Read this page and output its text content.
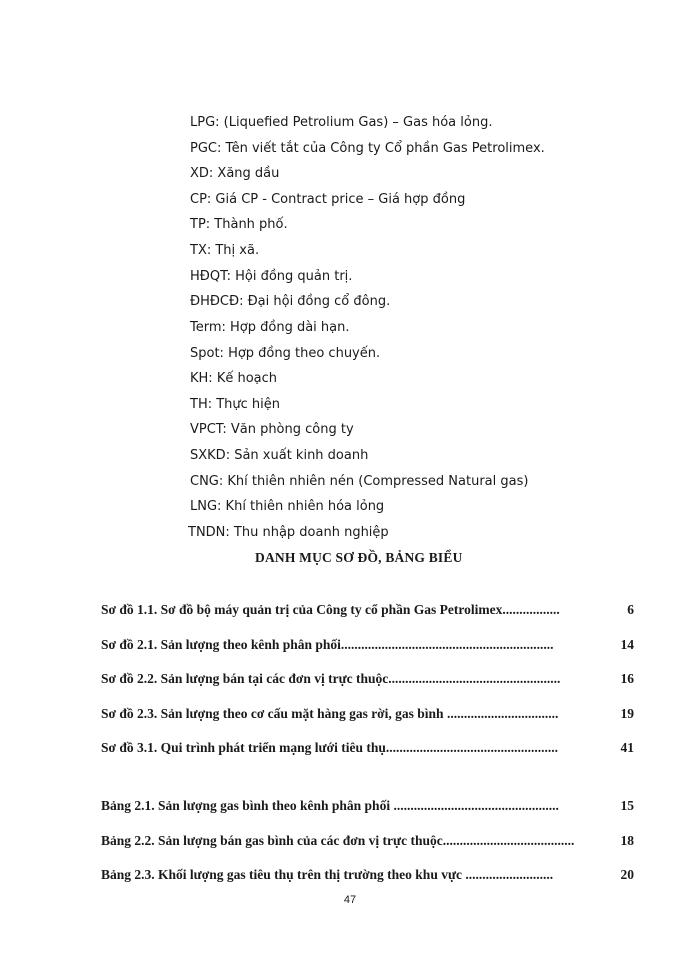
LPG: (Liquefied Petrolium Gas) – Gas hóa lỏng.
PGC: Tên viết tắt của Công ty Cổ phần Gas Petrolimex.
XD: Xăng dầu
CP: Giá CP - Contract price – Giá hợp đồng
TP: Thành phố.
TX: Thị xã.
HĐQT: Hội đồng quản trị.
ĐHĐCĐ: Đại hội đồng cổ đông.
Term: Hợp đồng dài hạn.
Spot: Hợp đồng theo chuyến.
KH: Kế hoạch
TH: Thực hiện
VPCT: Văn phòng công ty
SXKD: Sản xuất kinh doanh
CNG: Khí thiên nhiên nén (Compressed Natural gas)
LNG: Khí thiên nhiên hóa lỏng
TNDN: Thu nhập doanh nghiệp
DANH MỤC SƠ ĐỒ, BẢNG BIỂU
Sơ đồ 1.1. Sơ đồ bộ máy quản trị của Công ty cổ phần Gas Petrolimex.................	6
Sơ đồ 2.1. Sản lượng theo kênh phân phối...............................................................	14
Sơ đồ 2.2. Sản lượng bán tại các đơn vị trực thuộc...................................................	16
Sơ đồ 2.3. Sản lượng theo cơ cấu mặt hàng gas rời, gas bình .................................	19
Sơ đồ 3.1. Qui trình phát triển mạng lưới tiêu thụ...................................................	41
Bảng 2.1. Sản lượng gas bình theo kênh phân phối .................................................	15
Bảng 2.2. Sản lượng bán gas bình của các đơn vị trực thuộc.......................................	18
Bảng 2.3. Khối lượng gas tiêu thụ trên thị trường theo khu vực ..........................	20
47
